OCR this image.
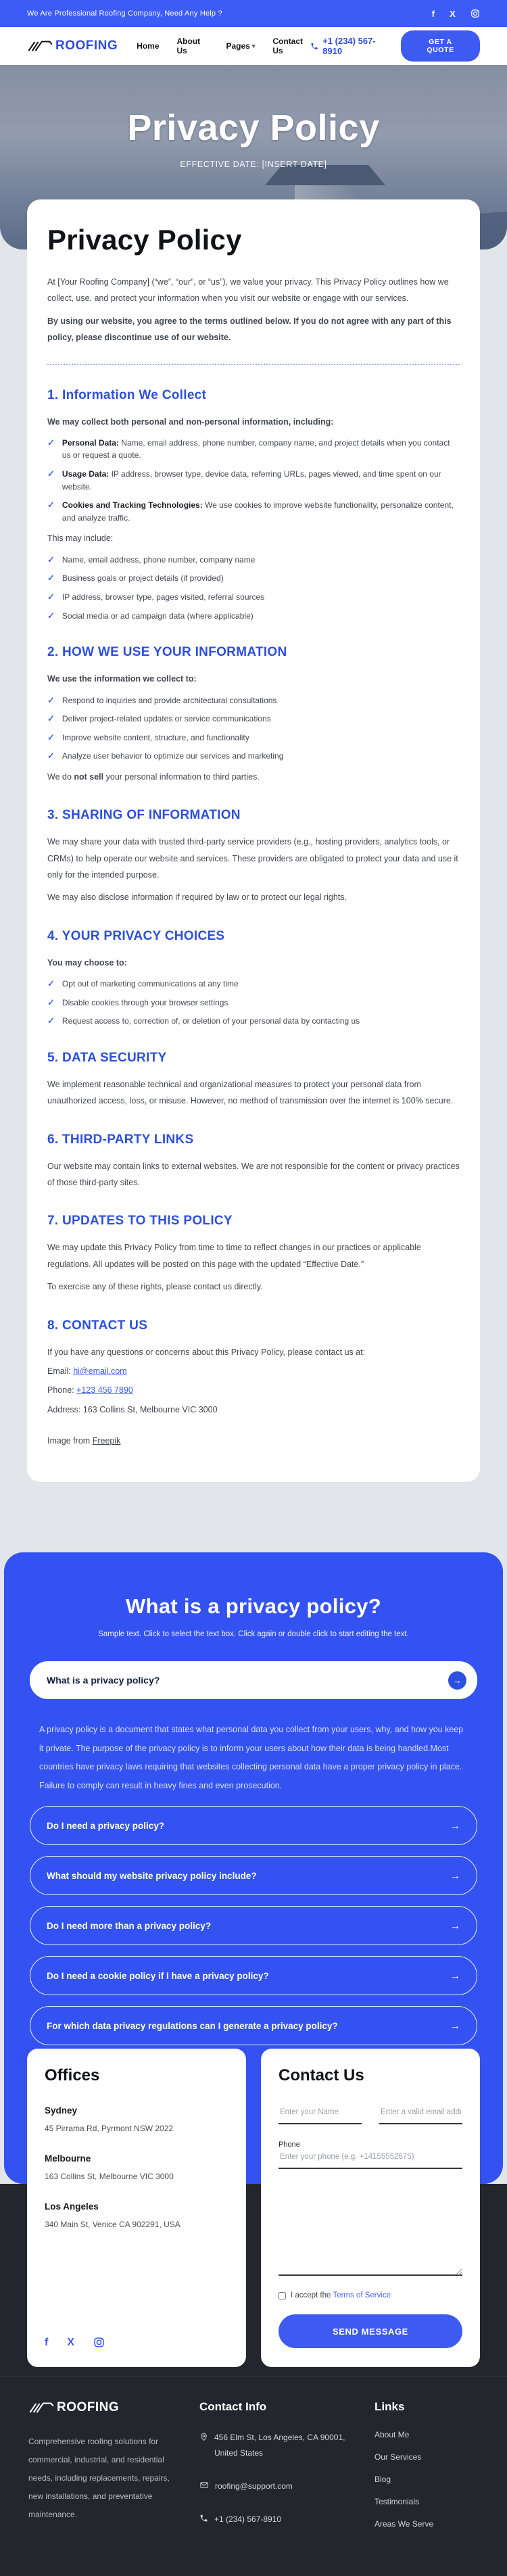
We Are Professional Roofing Company, Need Any Help ?	f X
ROOFING Home About Us	Pages ▾ Contact Us
+1 (234) 567-8910
GET A QUOTE
Privacy Policy
EFFECTIVE DATE: [INSERT DATE]
Privacy Policy

At [Your Roofing Company] (“we”, “our”, or “us”), we value your privacy. This Privacy Policy outlines how we collect, use, and protect your information when you visit our website or engage with our services.

By using our website, you agree to the terms outlined below. If you do not agree with any part of this policy, please discontinue use of our website.

1. Information We Collect

We may collect both personal and non-personal information, including:

✓ Personal Data: Name, email address, phone number, company name, and project details when you contact us or request a quote.
✓ Usage Data: IP address, browser type, device data, referring URLs, pages viewed, and time spent on our website.
✓ Cookies and Tracking Technologies: We use cookies to improve website functionality, personalize content, and analyze traffic.

This may include:

✓ Name, email address, phone number, company name
✓ Business goals or project details (if provided)
✓ IP address, browser type, pages visited, referral sources
✓ Social media or ad campaign data (where applicable)
2. HOW WE USE YOUR INFORMATION

We use the information we collect to:

✓ Respond to inquiries and provide architectural consultations
✓ Deliver project-related updates or service communications
✓ Improve website content, structure, and functionality
✓ Analyze user behavior to optimize our services and marketing

We do not sell your personal information to third parties.

3. SHARING OF INFORMATION

We may share your data with trusted third-party service providers (e.g., hosting providers, analytics tools, or CRMs) to help operate our website and services. These providers are obligated to protect your data and use it only for the intended purpose.

We may also disclose information if required by law or to protect our legal rights.

4. YOUR PRIVACY CHOICES

You may choose to:

✓ Opt out of marketing communications at any time
✓ Disable cookies through your browser settings
✓ Request access to, correction of, or deletion of your personal data by contacting us
5. DATA SECURITY

We implement reasonable technical and organizational measures to protect your personal data from unauthorized access, loss, or misuse. However, no method of transmission over the internet is 100% secure.

6. THIRD-PARTY LINKS

Our website may contain links to external websites. We are not responsible for the content or privacy practices of those third-party sites.

7. UPDATES TO THIS POLICY

We may update this Privacy Policy from time to time to reflect changes in our practices or applicable regulations. All updates will be posted on this page with the updated “Effective Date.”

To exercise any of these rights, please contact us directly.

8. CONTACT US

If you have any questions or concerns about this Privacy Policy, please contact us at:

Email: hi@email.com

Phone: +123 456 7890

Address: 163 Collins St, Melbourne VIC 3000

Image from Freepik

What is a privacy policy?
Sample text. Click to select the text box. Click again or double click to start editing the text.
What is a privacy policy?	→
A privacy policy is a document that states what personal data you collect from your users, why, and how you keep it private. The purpose of the privacy policy is to inform your users about how their data is being handled.Most countries have privacy laws requiring that websites collecting personal data have a proper privacy policy in place. Failure to comply can result in heavy fines and even prosecution.
Do I need a privacy policy?	→
What should my website privacy policy include?	→
Do I need more than a privacy policy?	→
Do I need a cookie policy if I have a privacy policy?	→
For which data privacy regulations can I generate a privacy policy?	→
Offices
Sydney
45 Pirrama Rd, Pyrmont NSW 2022
Melbourne
163 Collins St, Melbourne VIC 3000
Los Angeles
340 Main St, Venice CA 902291, USA
f X
Contact Us
Enter your Name
Enter a valid email address
Phone
Enter your phone (e.g. +14155552675)
I accept the Terms of Service
SEND MESSAGE
ROOFING
Comprehensive roofing solutions for commercial, industrial, and residential needs, including replacements, repairs, new installations, and preventative maintenance.
Contact Info
456 Elm St, Los Angeles, CA 90001, United States
roofing@support.com
+1 (234) 567-8910
Links
About Me
Our Services
Blog
Testimonials
Areas We Serve
